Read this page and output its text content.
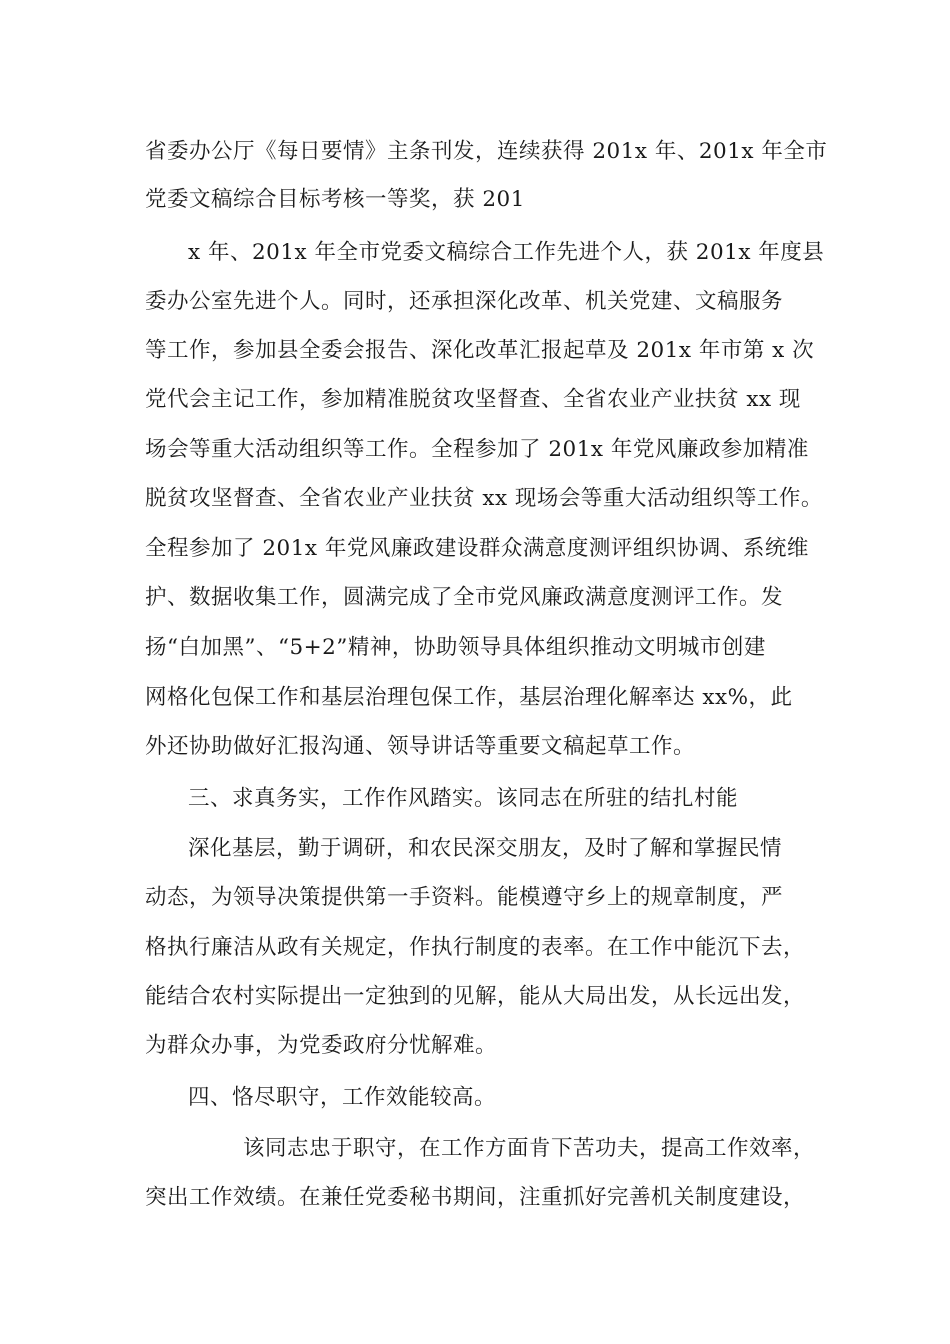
省委办公厅《每日要情》主条刊发，连续获得 201x 年、201x 年全市
党委文稿综合目标考核一等奖，获 201
x 年、201x 年全市党委文稿综合工作先进个人，获 201x 年度县
委办公室先进个人。同时，还承担深化改革、机关党建、文稿服务
等工作，参加县全委会报告、深化改革汇报起草及 201x 年市第 x 次
党代会主记工作，参加精准脱贫攻坚督查、全省农业产业扶贫 xx 现
场会等重大活动组织等工作。全程参加了 201x 年党风廉政参加精准
脱贫攻坚督查、全省农业产业扶贫 xx 现场会等重大活动组织等工作。
全程参加了 201x 年党风廉政建设群众满意度测评组织协调、系统维
护、数据收集工作，圆满完成了全市党风廉政满意度测评工作。发
扬“白加黑”、“5+2”精神，协助领导具体组织推动文明城市创建
网格化包保工作和基层治理包保工作，基层治理化解率达 xx%，此
外还协助做好汇报沟通、领导讲话等重要文稿起草工作。
三、求真务实，工作作风踏实。该同志在所驻的结扎村能
深化基层，勤于调研，和农民深交朋友，及时了解和掌握民情
动态，为领导决策提供第一手资料。能模遵守乡上的规章制度，严
格执行廉洁从政有关规定，作执行制度的表率。在工作中能沉下去，
能结合农村实际提出一定独到的见解，能从大局出发，从长远出发，
为群众办事，为党委政府分忧解难。
四、恪尽职守，工作效能较高。
该同志忠于职守，在工作方面肯下苦功夫，提高工作效率，
突出工作效绩。在兼任党委秘书期间，注重抓好完善机关制度建设，
